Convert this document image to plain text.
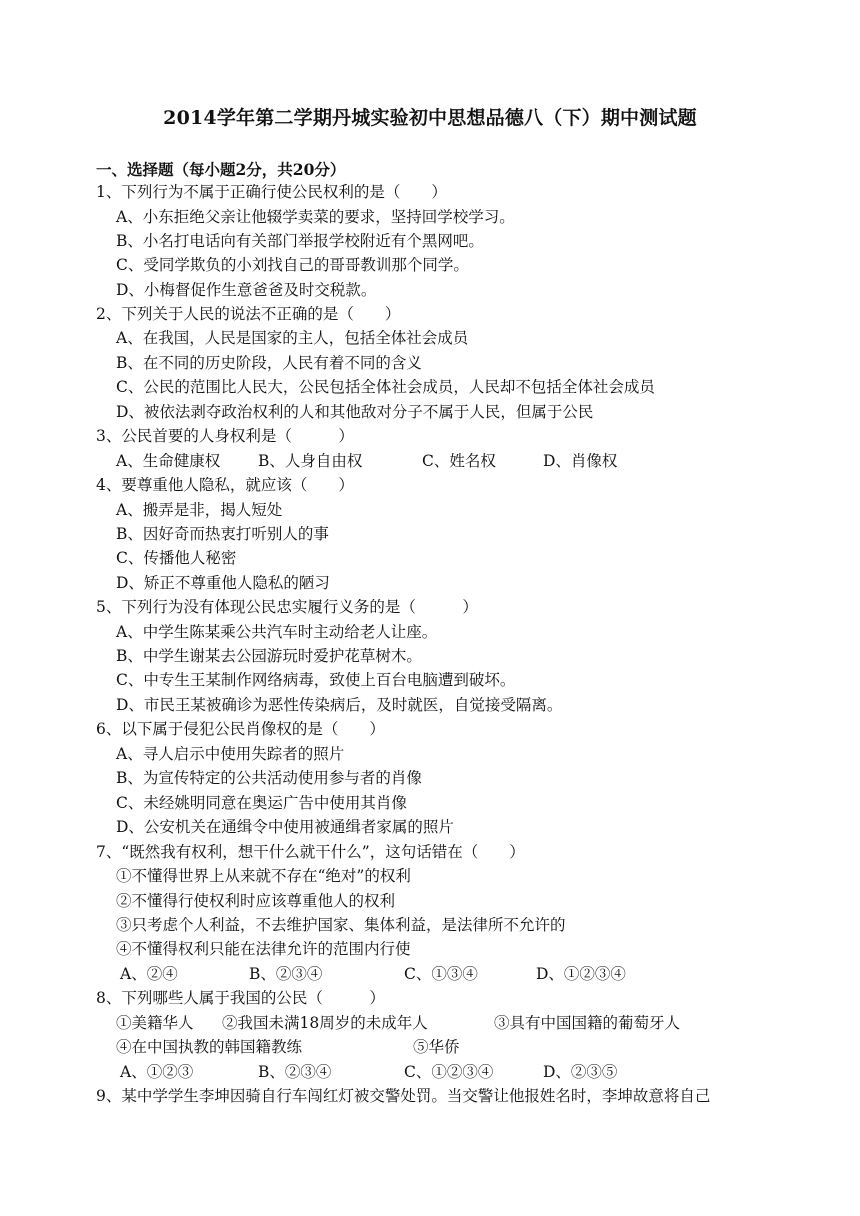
2014学年第二学期丹城实验初中思想品德八（下）期中测试题
一、选择题（每小题2分，共20分）
1、下列行为不属于正确行使公民权利的是（　　）
A、小东拒绝父亲让他辍学卖菜的要求，坚持回学校学习。
B、小名打电话向有关部门举报学校附近有个黑网吧。
C、受同学欺负的小刘找自己的哥哥教训那个同学。
D、小梅督促作生意爸爸及时交税款。
2、下列关于人民的说法不正确的是（　　）
A、在我国，人民是国家的主人，包括全体社会成员
B、在不同的历史阶段，人民有着不同的含义
C、公民的范围比人民大，公民包括全体社会成员，人民却不包括全体社会成员
D、被依法剥夺政治权利的人和其他敌对分子不属于人民，但属于公民
3、公民首要的人身权利是（　　　）
A、生命健康权 B、人身自由权	C、姓名权	D、肖像权
4、要尊重他人隐私，就应该（　　）
A、搬弄是非，揭人短处
B、因好奇而热衷打听别人的事
C、传播他人秘密
D、矫正不尊重他人隐私的陋习
5、下列行为没有体现公民忠实履行义务的是（　　　）
A、中学生陈某乘公共汽车时主动给老人让座。
B、中学生谢某去公园游玩时爱护花草树木。
C、中专生王某制作网络病毒，致使上百台电脑遭到破坏。
D、市民王某被确诊为恶性传染病后，及时就医，自觉接受隔离。
6、以下属于侵犯公民肖像权的是（　　）
A、寻人启示中使用失踪者的照片
B、为宣传特定的公共活动使用参与者的肖像
C、未经姚明同意在奥运广告中使用其肖像
D、公安机关在通缉令中使用被通缉者家属的照片
7、“既然我有权利，想干什么就干什么”，这句话错在（　　）
①不懂得世界上从来就不存在“绝对”的权利
②不懂得行使权利时应该尊重他人的权利
③只考虑个人利益，不去维护国家、集体利益，是法律所不允许的
④不懂得权利只能在法律允许的范围内行使
A、②④	B、②③④	C、①③④	D、①②③④
8、下列哪些人属于我国的公民（　　　）
①美籍华人 ②我国未满18周岁的未成年人	③具有中国国籍的葡萄牙人
④在中国执教的韩国籍教练	⑤华侨
A、①②③	B、②③④	C、①②③④	D、②③⑤
9、某中学学生李坤因骑自行车闯红灯被交警处罚。当交警让他报姓名时，李坤故意将自己
